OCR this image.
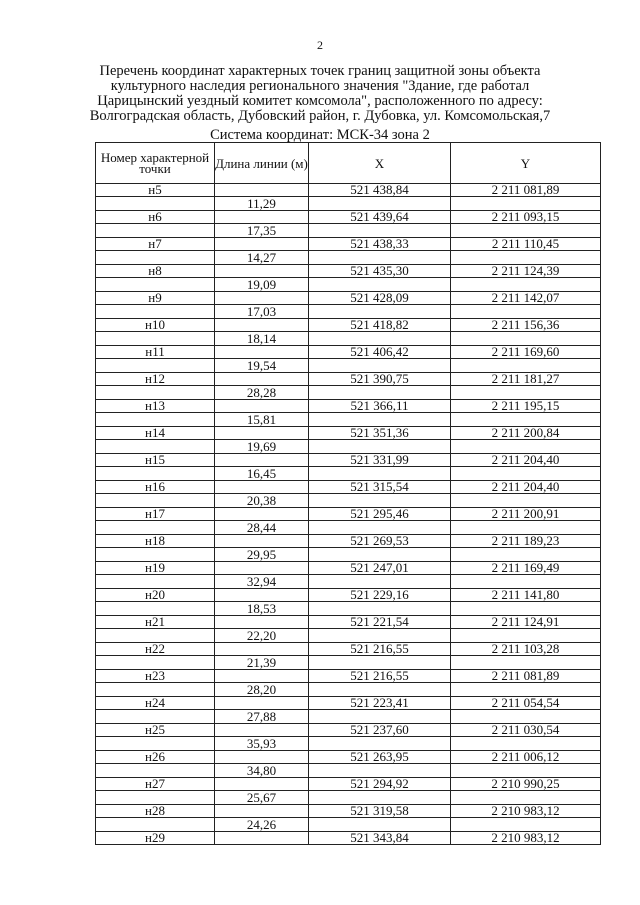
2
Перечень координат характерных точек границ защитной зоны объекта
культурного наследия регионального значения "Здание, где работал
Царицынский уездный комитет комсомола", расположенного по адресу:
Волгоградская область, Дубовский район, г. Дубовка, ул. Комсомольская,7
Система координат: МСК-34 зона 2
Номер характерной точки	Длина линии (м)	X	Y
н5		521 438,84	2 211 081,89
	11,29		
н6		521 439,64	2 211 093,15
	17,35		
н7		521 438,33	2 211 110,45
	14,27		
н8		521 435,30	2 211 124,39
	19,09		
н9		521 428,09	2 211 142,07
	17,03		
н10		521 418,82	2 211 156,36
	18,14		
н11		521 406,42	2 211 169,60
	19,54		
н12		521 390,75	2 211 181,27
	28,28		
н13		521 366,11	2 211 195,15
	15,81		
н14		521 351,36	2 211 200,84
	19,69		
н15		521 331,99	2 211 204,40
	16,45		
н16		521 315,54	2 211 204,40
	20,38		
н17		521 295,46	2 211 200,91
	28,44		
н18		521 269,53	2 211 189,23
	29,95		
н19		521 247,01	2 211 169,49
	32,94		
н20		521 229,16	2 211 141,80
	18,53		
н21		521 221,54	2 211 124,91
	22,20		
н22		521 216,55	2 211 103,28
	21,39		
н23		521 216,55	2 211 081,89
	28,20		
н24		521 223,41	2 211 054,54
	27,88		
н25		521 237,60	2 211 030,54
	35,93		
н26		521 263,95	2 211 006,12
	34,80		
н27		521 294,92	2 210 990,25
	25,67		
н28		521 319,58	2 210 983,12
	24,26		
н29		521 343,84	2 210 983,12
